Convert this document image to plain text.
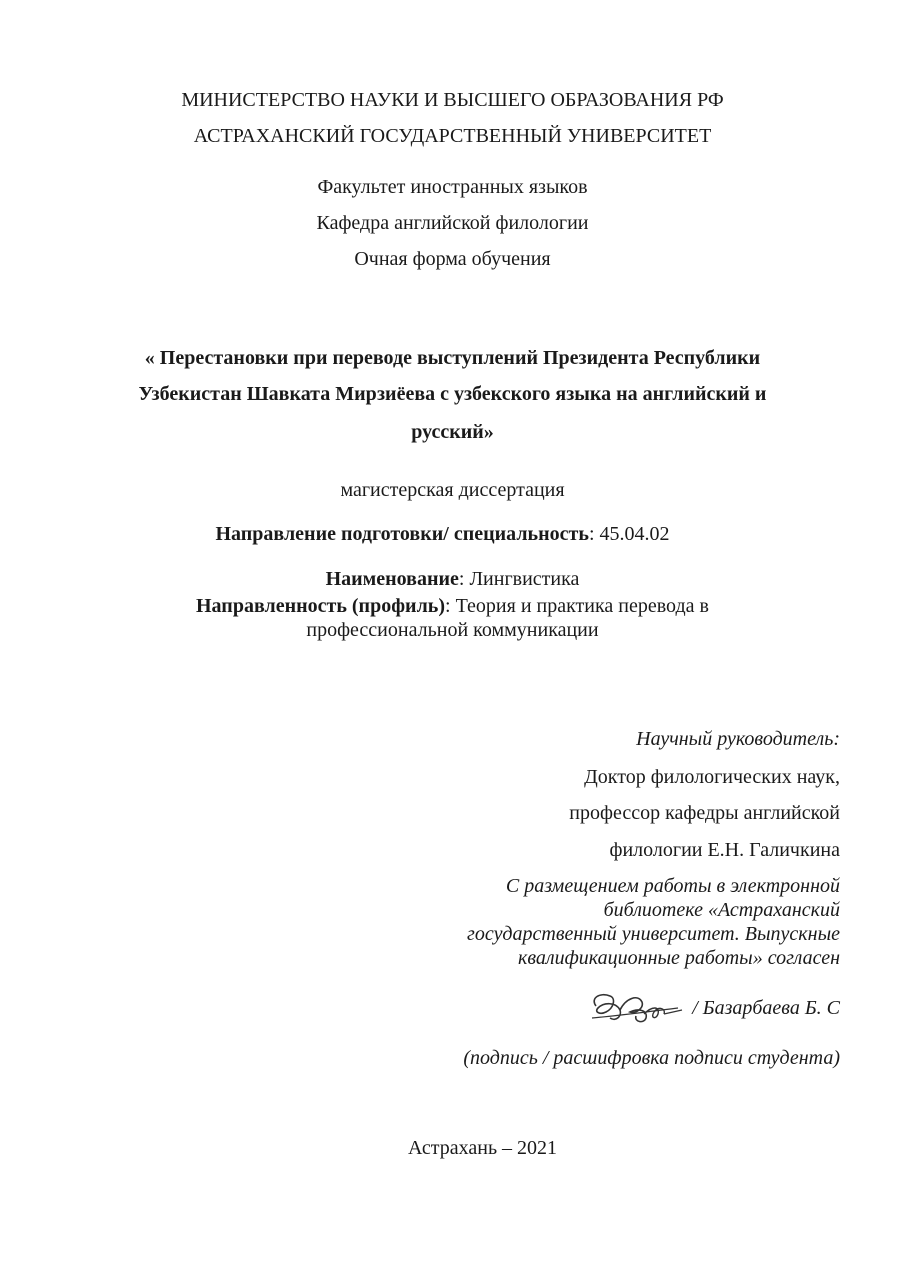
МИНИСТЕРСТВО НАУКИ И ВЫСШЕГО ОБРАЗОВАНИЯ РФ
АСТРАХАНСКИЙ ГОСУДАРСТВЕННЫЙ УНИВЕРСИТЕТ
Факультет иностранных языков
Кафедра английской филологии
Очная форма обучения
« Перестановки при переводе выступлений Президента Республики
Узбекистан Шавката Мирзиёева с узбекского языка на английский и
русский»
магистерская диссертация
Направление подготовки/ специальность: 45.04.02
Наименование: Лингвистика
Направленность (профиль): Теория и практика перевода в
профессиональной коммуникации
Научный руководитель:
Доктор филологических наук,
профессор кафедры английской
филологии Е.Н. Галичкина
С размещением работы в электронной
библиотеке «Астраханский
государственный университет. Выпускные
квалификационные работы» согласен
/ Базарбаева Б. С
(подпись / расшифровка подписи студента)
Астрахань – 2021
